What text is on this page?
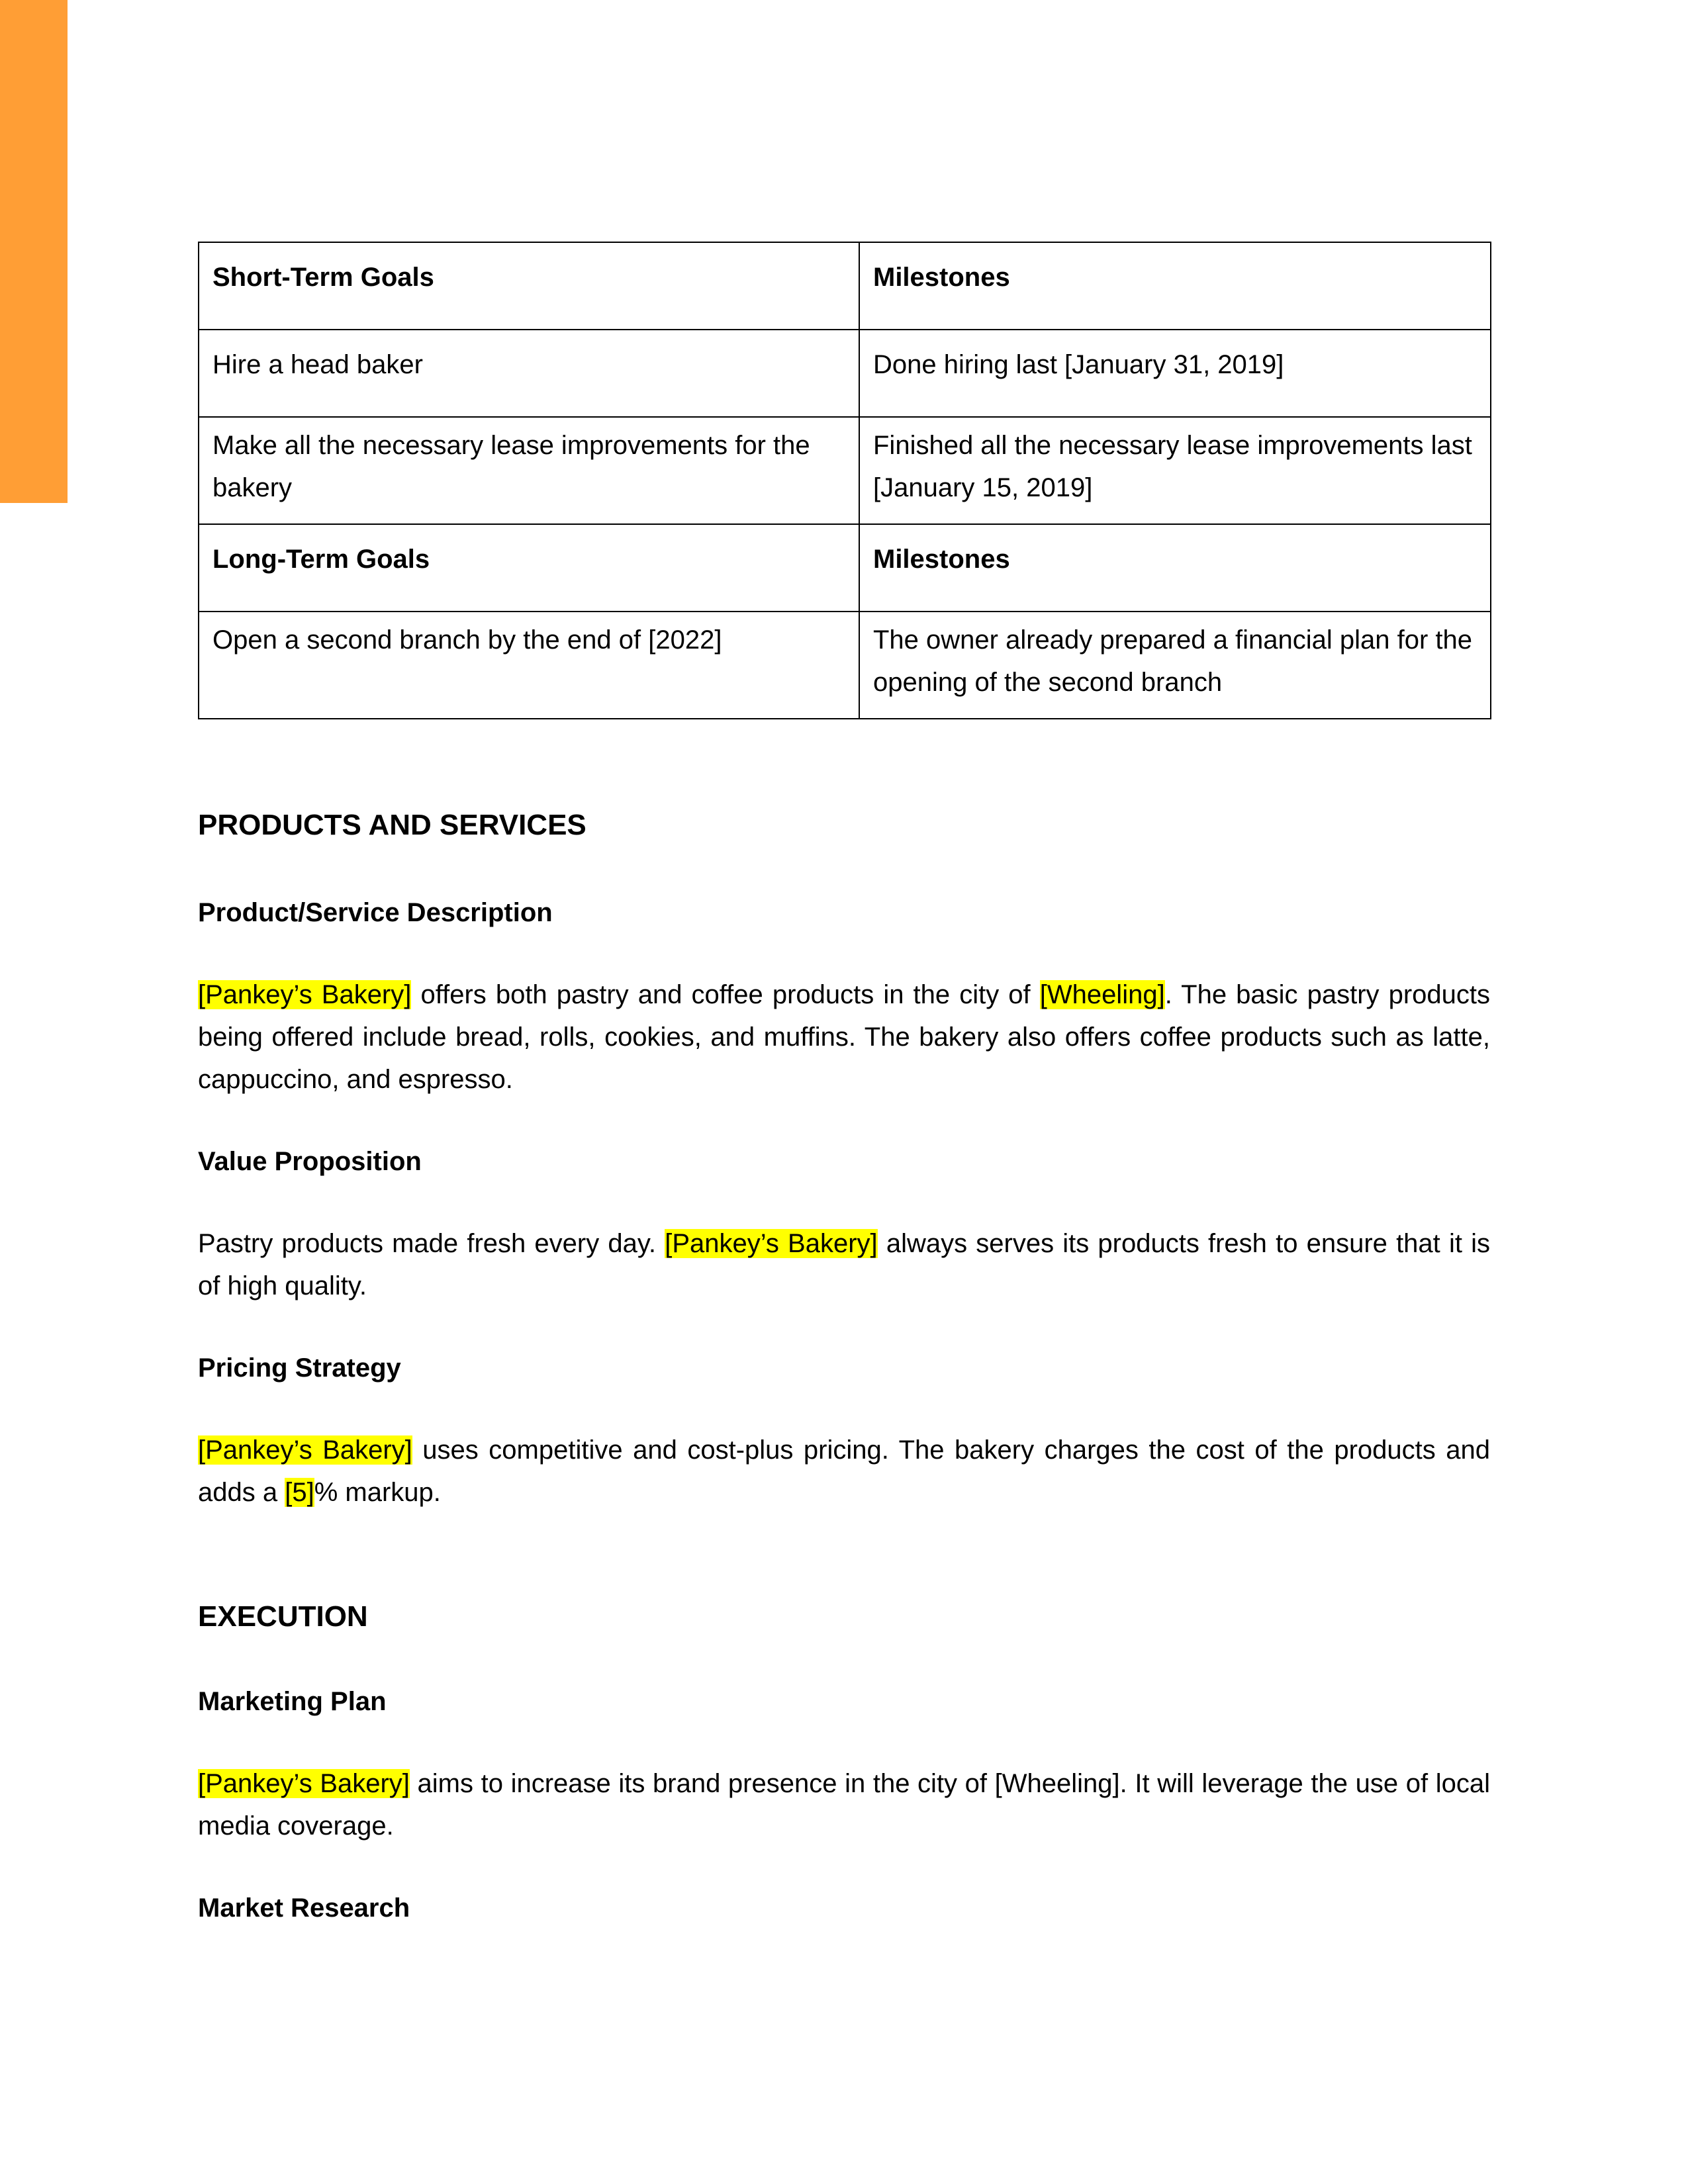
Short-Term Goals	Milestones
Hire a head baker	Done hiring last [January 31, 2019]
Make all the necessary lease improvements for the bakery	Finished all the necessary lease improvements last [January 15, 2019]
Long-Term Goals	Milestones
Open a second branch by the end of [2022]	The owner already prepared a financial plan for the opening of the second branch
PRODUCTS AND SERVICES
Product/Service Description

[Pankey’s Bakery] offers both pastry and coffee products in the city of [Wheeling]. The basic pastry products being offered include bread, rolls, cookies, and muffins. The bakery also offers coffee products such as latte, cappuccino, and espresso.

Value Proposition

Pastry products made fresh every day. [Pankey’s Bakery] always serves its products fresh to ensure that it is of high quality.

Pricing Strategy

[Pankey’s Bakery] uses competitive and cost-plus pricing. The bakery charges the cost of the products and adds a [5]% markup.

EXECUTION
Marketing Plan

[Pankey’s Bakery] aims to increase its brand presence in the city of [Wheeling]. It will leverage the use of local media coverage.

Market Research
